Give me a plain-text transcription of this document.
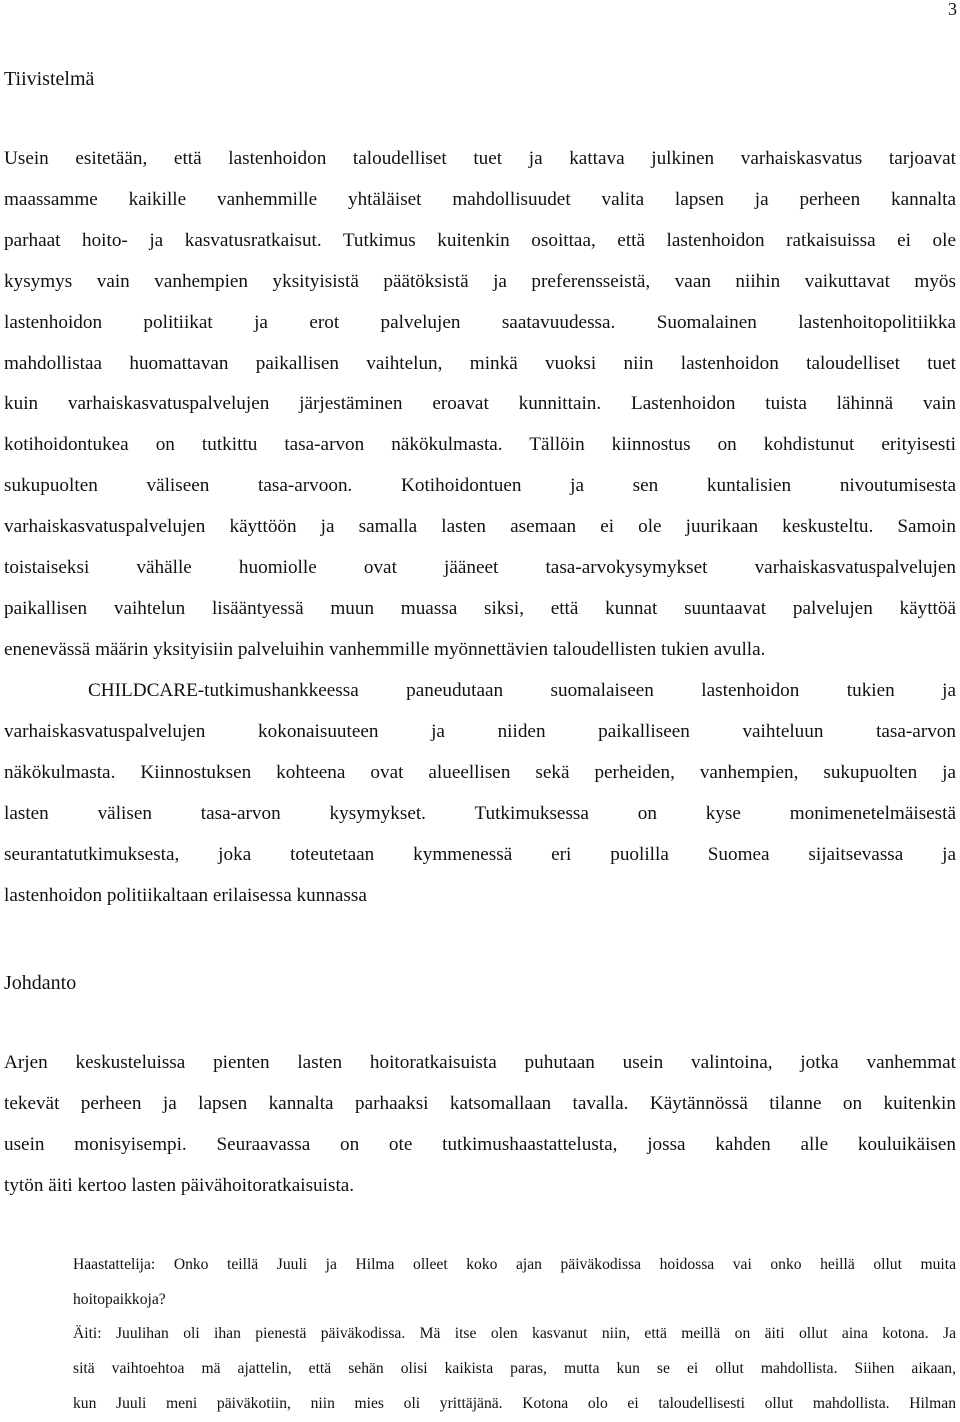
3
Tiivistelmä
Usein esitetään, että lastenhoidon taloudelliset tuet ja kattava julkinen varhaiskasvatus tarjoavat
maassamme kaikille vanhemmille yhtäläiset mahdollisuudet valita lapsen ja perheen kannalta
parhaat hoito- ja kasvatusratkaisut. Tutkimus kuitenkin osoittaa, että lastenhoidon ratkaisuissa ei ole
kysymys vain vanhempien yksityisistä päätöksistä ja preferensseistä, vaan niihin vaikuttavat myös
lastenhoidon politiikat ja erot palvelujen saatavuudessa. Suomalainen lastenhoitopolitiikka
mahdollistaa huomattavan paikallisen vaihtelun, minkä vuoksi niin lastenhoidon taloudelliset tuet
kuin varhaiskasvatuspalvelujen järjestäminen eroavat kunnittain. Lastenhoidon tuista lähinnä vain
kotihoidontukea on tutkittu tasa-arvon näkökulmasta. Tällöin kiinnostus on kohdistunut erityisesti
sukupuolten väliseen tasa-arvoon. Kotihoidontuen ja sen kuntalisien nivoutumisesta
varhaiskasvatuspalvelujen käyttöön ja samalla lasten asemaan ei ole juurikaan keskusteltu. Samoin
toistaiseksi vähälle huomiolle ovat jääneet tasa-arvokysymykset varhaiskasvatuspalvelujen
paikallisen vaihtelun lisääntyessä muun muassa siksi, että kunnat suuntaavat palvelujen käyttöä
enenevässä määrin yksityisiin palveluihin vanhemmille myönnettävien taloudellisten tukien avulla.
CHILDCARE-tutkimushankkeessa paneudutaan suomalaiseen lastenhoidon tukien ja
varhaiskasvatuspalvelujen kokonaisuuteen ja niiden paikalliseen vaihteluun tasa-arvon
näkökulmasta. Kiinnostuksen kohteena ovat alueellisen sekä perheiden, vanhempien, sukupuolten ja
lasten välisen tasa-arvon kysymykset. Tutkimuksessa on kyse monimenetelmäisestä
seurantatutkimuksesta, joka toteutetaan kymmenessä eri puolilla Suomea sijaitsevassa ja
lastenhoidon politiikaltaan erilaisessa kunnassa
Johdanto
Arjen keskusteluissa pienten lasten hoitoratkaisuista puhutaan usein valintoina, jotka vanhemmat
tekevät perheen ja lapsen kannalta parhaaksi katsomallaan tavalla. Käytännössä tilanne on kuitenkin
usein monisyisempi. Seuraavassa on ote tutkimushaastattelusta, jossa kahden alle kouluikäisen
tytön äiti kertoo lasten päivähoitoratkaisuista.
Haastattelija: Onko teillä Juuli ja Hilma olleet koko ajan päiväkodissa hoidossa vai onko heillä ollut muita
hoitopaikkoja?
Äiti: Juulihan oli ihan pienestä päiväkodissa. Mä itse olen kasvanut niin, että meillä on äiti ollut aina kotona. Ja
sitä vaihtoehtoa mä ajattelin, että sehän olisi kaikista paras, mutta kun se ei ollut mahdollista. Siihen aikaan,
kun Juuli meni päiväkotiin, niin mies oli yrittäjänä. Kotona olo ei taloudellisesti ollut mahdollista. Hilman
